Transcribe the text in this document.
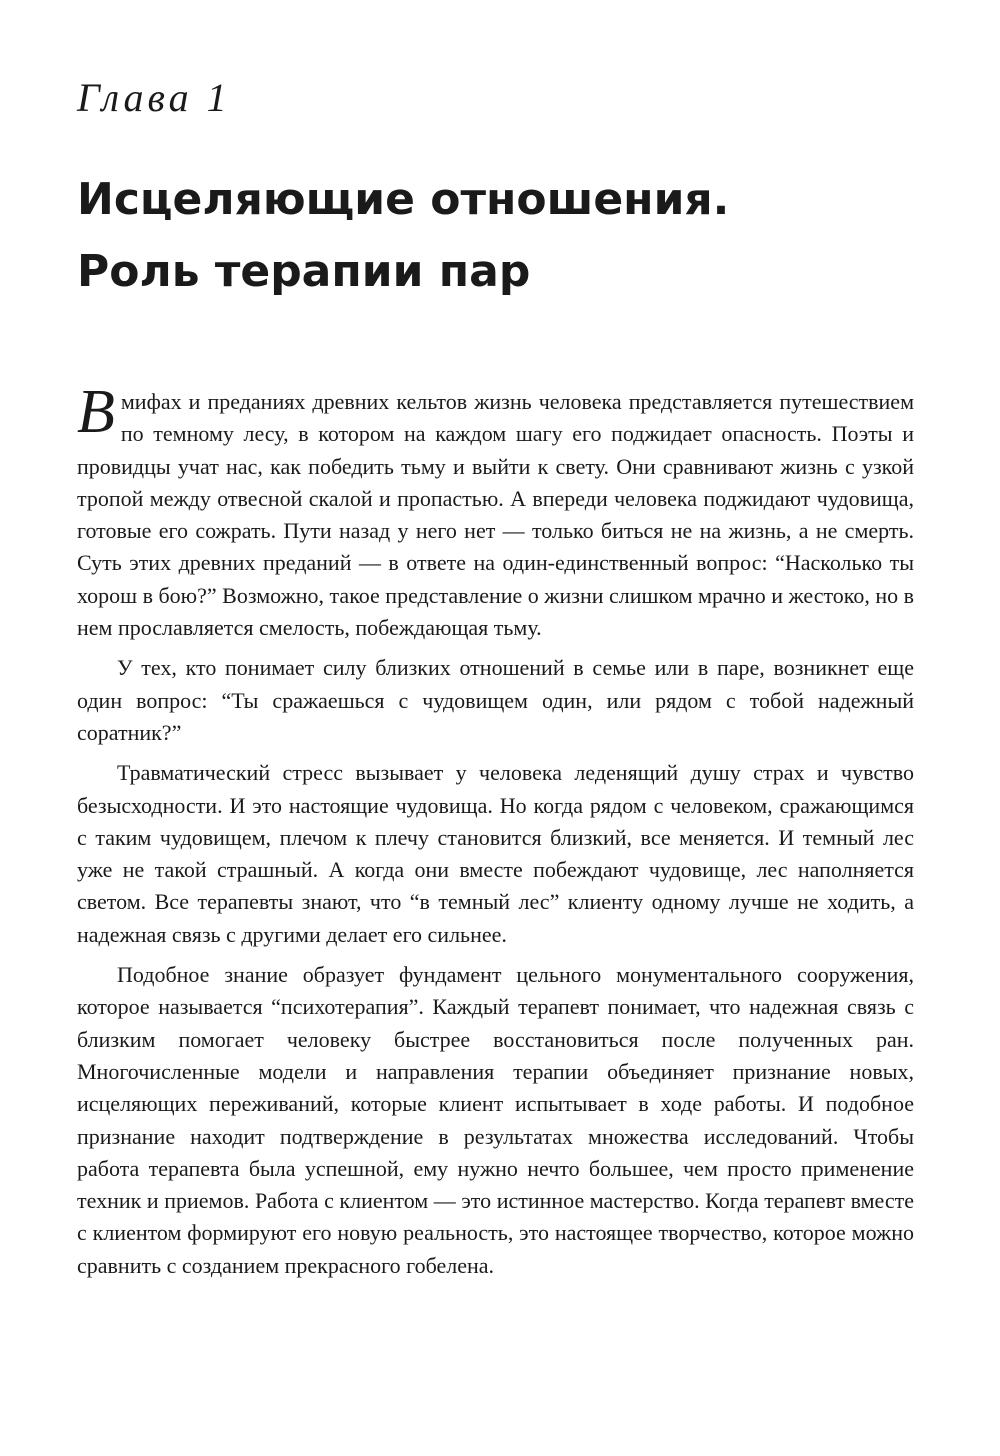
Глава 1
Исцеляющие отношения.
Роль терапии пар

Вмифах и преданиях древних кельтов жизнь человека представляется путешествием по темному лесу, в котором на каждом шагу его поджидает опасность. Поэты и провидцы учат нас, как победить тьму и выйти к свету. Они сравнивают жизнь с узкой тропой между отвесной скалой и пропастью. А впереди человека поджидают чудовища, готовые его сожрать. Пути назад у него нет — только биться не на жизнь, а не смерть. Суть этих древних преданий — в ответе на один-единственный вопрос: “Насколько ты хорош в бою?” Возможно, такое представление о жизни слишком мрачно и жестоко, но в нем прославляется смелость, побеждающая тьму.

У тех, кто понимает силу близких отношений в семье или в паре, возникнет еще один вопрос: “Ты сражаешься с чудовищем один, или рядом с тобой надежный соратник?”

Травматический стресс вызывает у человека леденящий душу страх и чувство безысходности. И это настоящие чудовища. Но когда рядом с человеком, сражающимся с таким чудовищем, плечом к плечу становится близкий, все меняется. И темный лес уже не такой страшный. А когда они вместе побеждают чудовище, лес наполняется светом. Все терапевты знают, что “в темный лес” клиенту одному лучше не ходить, а надежная связь с другими делает его сильнее.

Подобное знание образует фундамент цельного монументального сооружения, которое называется “психотерапия”. Каждый терапевт понимает, что надежная связь с близким помогает человеку быстрее восстановиться после полученных ран. Многочисленные модели и направления терапии объединяет признание новых, исцеляющих переживаний, которые клиент испытывает в ходе работы. И подобное признание находит подтверждение в результатах множества исследований. Чтобы работа терапевта была успешной, ему нужно нечто большее, чем просто применение техник и приемов. Работа с клиентом — это истинное мастерство. Когда терапевт вместе с клиентом формируют его новую реальность, это настоящее творчество, которое можно сравнить с созданием прекрасного гобелена.
